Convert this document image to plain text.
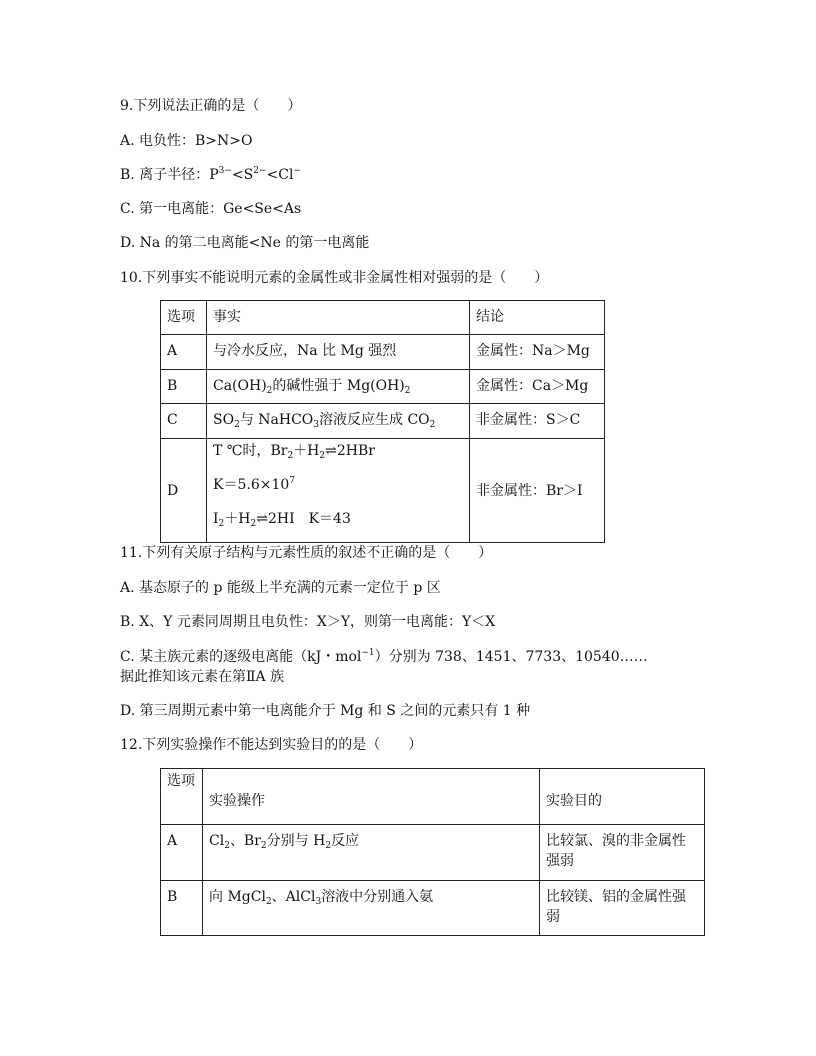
9.下列说法正确的是（　　）
A. 电负性：B>N>O
B. 离子半径：$P^{3-}<S^{2-}<Cl^-$
C. 第一电离能：Ge<Se<As
D. Na 的第二电离能<Ne 的第一电离能
10.下列事实不能说明元素的金属性或非金属性相对强弱的是（　　）
选项	事实	结论
A	与冷水反应，Na 比 Mg 强烈	金属性：Na＞Mg
B	$Ca(OH)_2$的碱性强于 $Mg(OH)_2$	金属性：Ca＞Mg
C	$SO_2$与 NaHCO$_3$溶液反应生成 $CO_2$	非金属性：S＞C
D	T ℃时，$Br_2+H_2\rightleftharpoons 2HBr$
$K=5.6\times 10^7$
$I_2+H_2\rightleftharpoons 2HI$　K＝43	非金属性：Br＞I
11.下列有关原子结构与元素性质的叙述不正确的是（　　）
A. 基态原子的 p 能级上半充满的元素一定位于 p 区
B. X、Y 元素同周期且电负性：X＞Y，则第一电离能：Y＜X
C. 某主族元素的逐级电离能（kJ・mol$^{-1}$）分别为 738、1451、7733、10540……
据此推知该元素在第ⅡA 族
D. 第三周期元素中第一电离能介于 Mg 和 S 之间的元素只有 1 种
12.下列实验操作不能达到实验目的的是（　　）
选项	实验操作	实验目的
A	$Cl_2$、$Br_2$分别与 $H_2$反应	比较氯、溴的非金属性强弱
B	向 MgCl$_2$、AlCl$_3$溶液中分别通入氨	比较镁、铝的金属性强弱
